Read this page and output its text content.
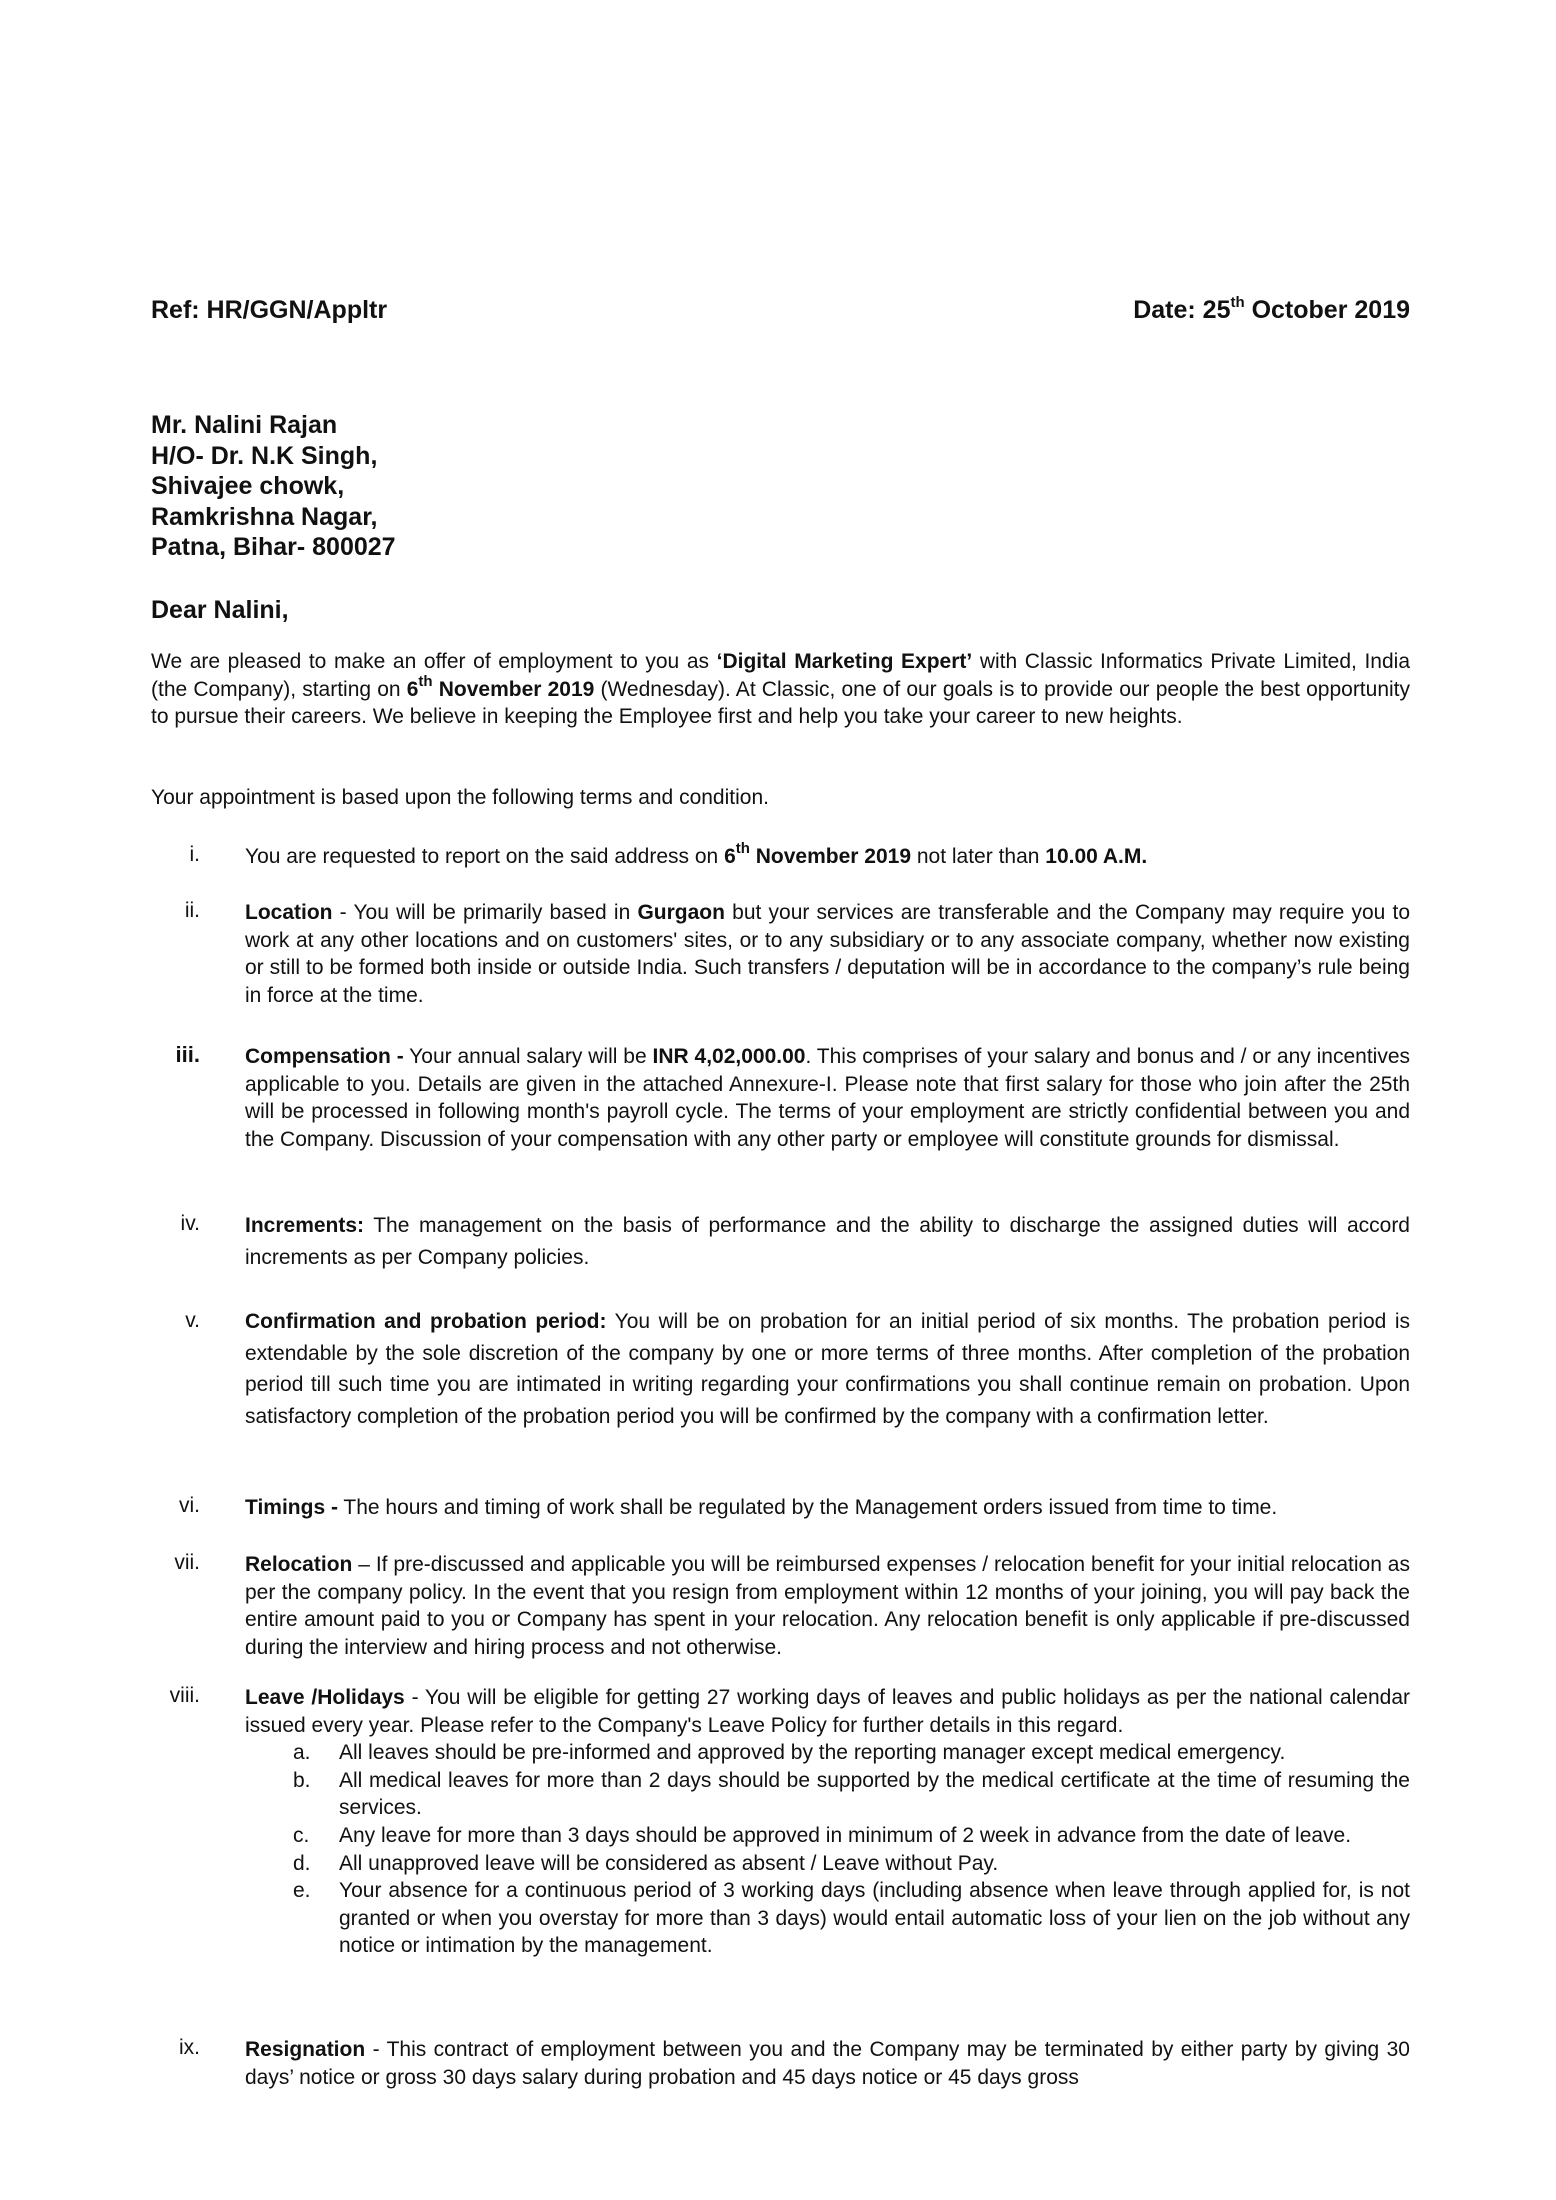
Ref: HR/GGN/Appltr	Date: 25th October 2019
Mr. Nalini Rajan
H/O- Dr. N.K Singh,
Shivajee chowk,
Ramkrishna Nagar,
Patna, Bihar- 800027
Dear Nalini,
We are pleased to make an offer of employment to you as ‘Digital Marketing Expert’ with Classic Informatics Private Limited, India (the Company), starting on 6th November 2019 (Wednesday). At Classic, one of our goals is to provide our people the best opportunity to pursue their careers. We believe in keeping the Employee first and help you take your career to new heights.
Your appointment is based upon the following terms and condition.
i. You are requested to report on the said address on 6th November 2019 not later than 10.00 A.M.
ii. Location - You will be primarily based in Gurgaon but your services are transferable and the Company may require you to work at any other locations and on customers' sites, or to any subsidiary or to any associate company, whether now existing or still to be formed both inside or outside India. Such transfers / deputation will be in accordance to the company’s rule being in force at the time.
iii. Compensation - Your annual salary will be INR 4,02,000.00. This comprises of your salary and bonus and / or any incentives applicable to you. Details are given in the attached Annexure-I. Please note that first salary for those who join after the 25th will be processed in following month's payroll cycle. The terms of your employment are strictly confidential between you and the Company. Discussion of your compensation with any other party or employee will constitute grounds for dismissal.
iv. Increments: The management on the basis of performance and the ability to discharge the assigned duties will accord increments as per Company policies.
v. Confirmation and probation period: You will be on probation for an initial period of six months. The probation period is extendable by the sole discretion of the company by one or more terms of three months. After completion of the probation period till such time you are intimated in writing regarding your confirmations you shall continue remain on probation. Upon satisfactory completion of the probation period you will be confirmed by the company with a confirmation letter.
vi. Timings - The hours and timing of work shall be regulated by the Management orders issued from time to time.
vii. Relocation – If pre-discussed and applicable you will be reimbursed expenses / relocation benefit for your initial relocation as per the company policy. In the event that you resign from employment within 12 months of your joining, you will pay back the entire amount paid to you or Company has spent in your relocation. Any relocation benefit is only applicable if pre-discussed during the interview and hiring process and not otherwise.
viii. Leave /Holidays - You will be eligible for getting 27 working days of leaves and public holidays as per the national calendar issued every year. Please refer to the Company's Leave Policy for further details in this regard.
a. All leaves should be pre-informed and approved by the reporting manager except medical emergency.
b. All medical leaves for more than 2 days should be supported by the medical certificate at the time of resuming the services.
c. Any leave for more than 3 days should be approved in minimum of 2 week in advance from the date of leave.
d. All unapproved leave will be considered as absent / Leave without Pay.
e. Your absence for a continuous period of 3 working days (including absence when leave through applied for, is not granted or when you overstay for more than 3 days) would entail automatic loss of your lien on the job without any notice or intimation by the management.
ix. Resignation - This contract of employment between you and the Company may be terminated by either party by giving 30 days’ notice or gross 30 days salary during probation and 45 days notice or 45 days gross
